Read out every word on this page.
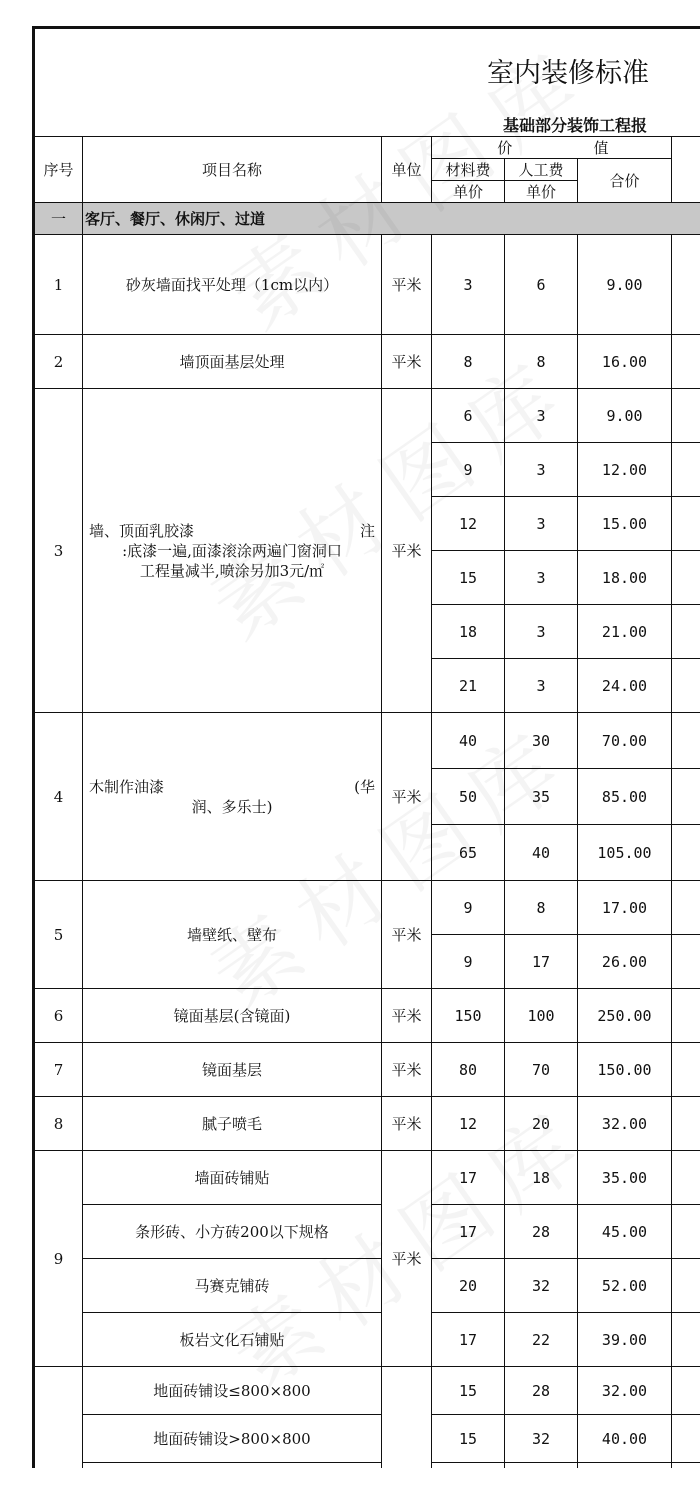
室内装修标准						
基础部分装饰工程报						
序号	项目名称	单位	价		值	
			材料费	人工费	合价	
			单价	单价		
一	客厅、餐厅、休闲厅、过道					
1	砂灰墙面找平处理（1cm以内）	平米	3	6	9.00	
2	墙顶面基层处理	平米	8	8	16.00	
3	墙、顶面乳胶漆 注
:底漆一遍,面漆滚涂两遍门窗洞口
工程量减半,喷涂另加3元/㎡	平米	6	3	9.00	
			9	3	12.00	
			12	3	15.00	
			15	3	18.00	
			18	3	21.00	
			21	3	24.00	
4	木制作油漆 (华
润、多乐士)	平米	40	30	70.00	
			50	35	85.00	
			65	40	105.00	
5	墙壁纸、壁布	平米	9	8	17.00	
			9	17	26.00	
6	镜面基层(含镜面)	平米	150	100	250.00	
7	镜面基层	平米	80	70	150.00	
8	腻子喷毛	平米	12	20	32.00	
9	墙面砖铺贴	平米	17	18	35.00	
	条形砖、小方砖200以下规格		17	28	45.00	
	马赛克铺砖		20	32	52.00	
	板岩文化石铺贴		17	22	39.00	
	地面砖铺设≤800×800		15	28	32.00	
	地面砖铺设>800×800		15	32	40.00	
